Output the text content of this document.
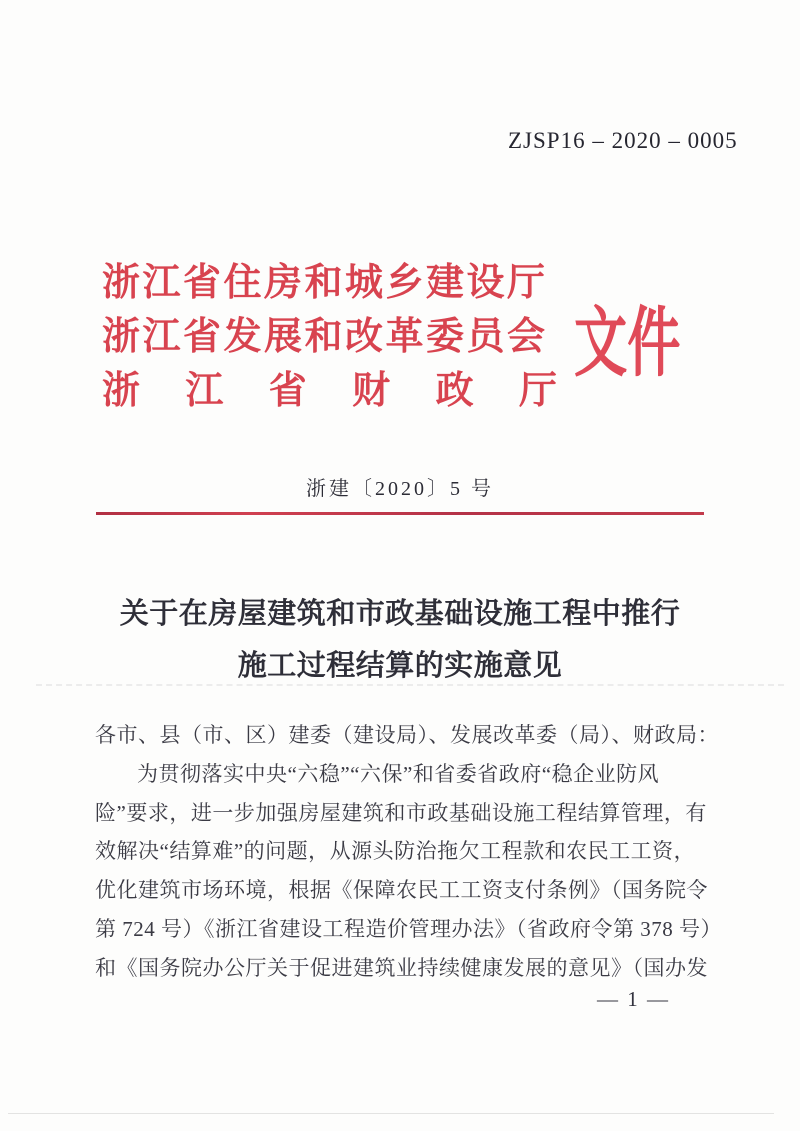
ZJSP16 – 2020 – 0005
浙江省住房和城乡建设厅
浙江省发展和改革委员会
浙 江 省 财 政 厅
文件
浙建〔2020〕5 号
关于在房屋建筑和市政基础设施工程中推行
施工过程结算的实施意见
各市、县（市、区）建委（建设局）、发展改革委（局）、财政局：
为贯彻落实中央“六稳”“六保”和省委省政府“稳企业防风
险”要求，进一步加强房屋建筑和市政基础设施工程结算管理，有
效解决“结算难”的问题，从源头防治拖欠工程款和农民工工资，
优化建筑市场环境，根据《保障农民工工资支付条例》（国务院令
第 724 号）《浙江省建设工程造价管理办法》（省政府令第 378 号）
和《国务院办公厅关于促进建筑业持续健康发展的意见》（国办发
— 1 —
